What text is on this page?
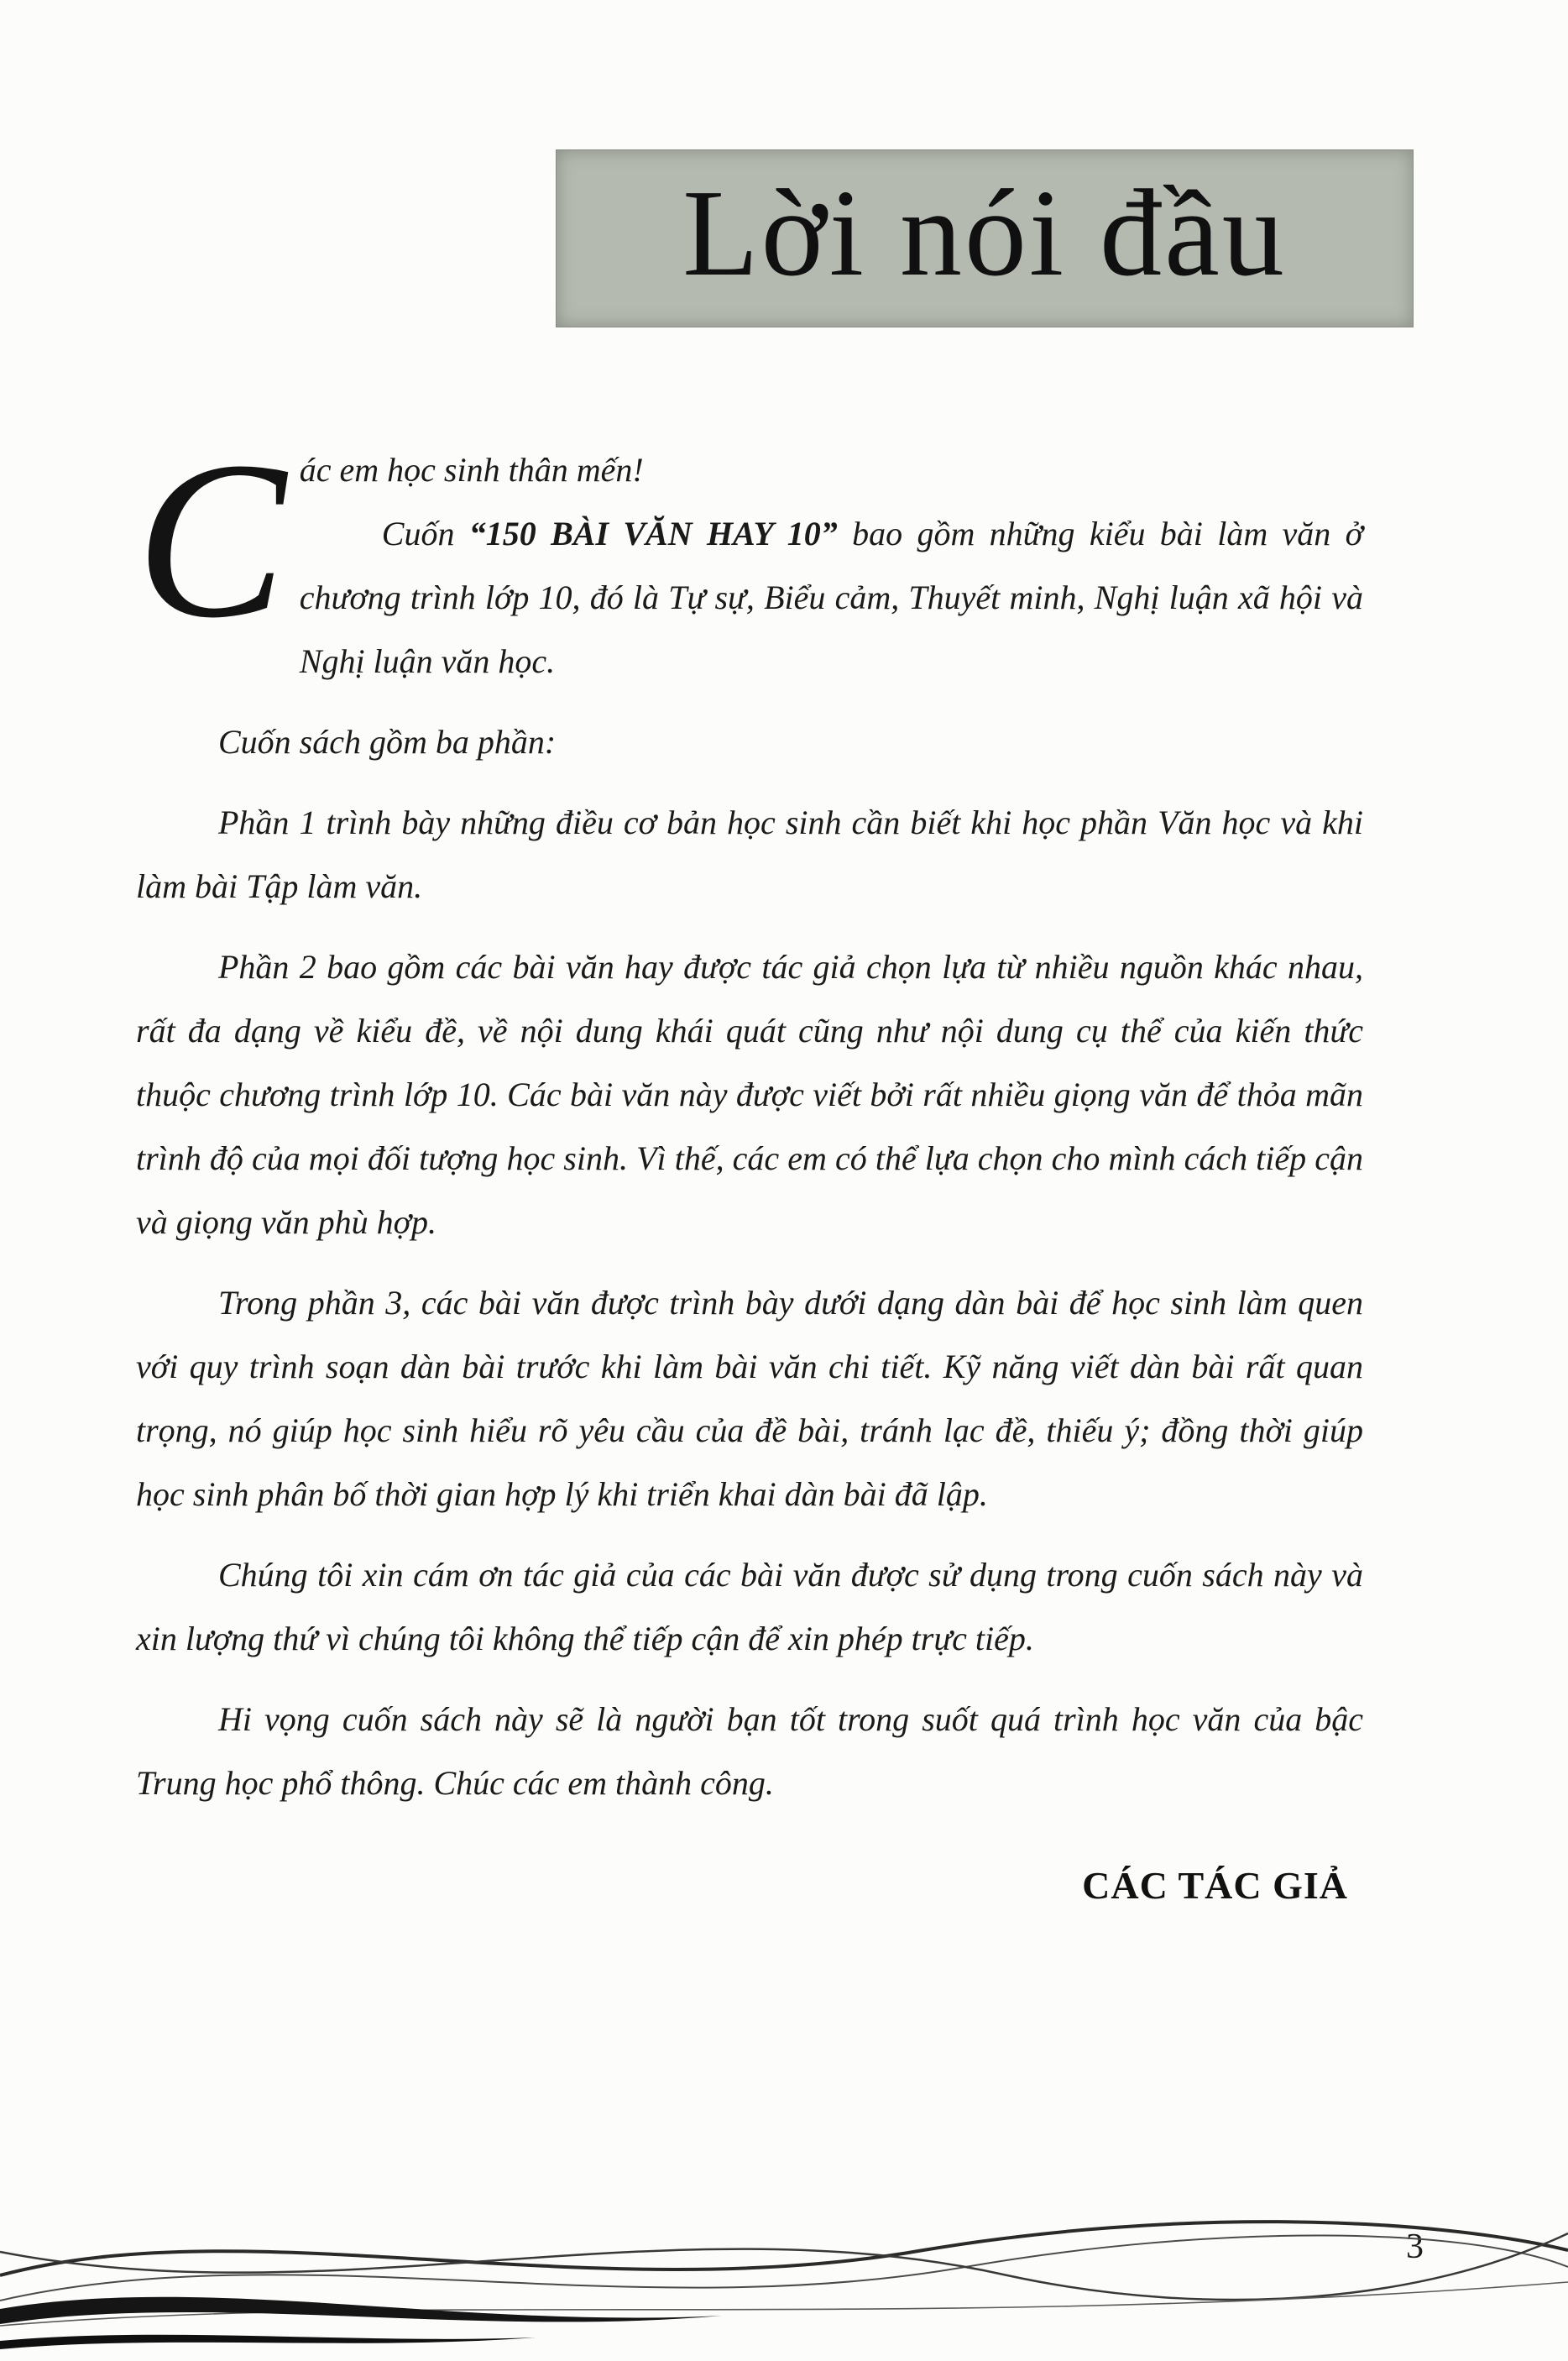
Lời nói đầu
C ác em học sinh thân mến!

Cuốn “150 BÀI VĂN HAY 10” bao gồm những kiểu bài làm văn ở chương trình lớp 10, đó là Tự sự, Biểu cảm, Thuyết minh, Nghị luận xã hội và Nghị luận văn học.

Cuốn sách gồm ba phần:

Phần 1 trình bày những điều cơ bản học sinh cần biết khi học phần Văn học và khi làm bài Tập làm văn.

Phần 2 bao gồm các bài văn hay được tác giả chọn lựa từ nhiều nguồn khác nhau, rất đa dạng về kiểu đề, về nội dung khái quát cũng như nội dung cụ thể của kiến thức thuộc chương trình lớp 10. Các bài văn này được viết bởi rất nhiều giọng văn để thỏa mãn trình độ của mọi đối tượng học sinh. Vì thế, các em có thể lựa chọn cho mình cách tiếp cận và giọng văn phù hợp.

Trong phần 3, các bài văn được trình bày dưới dạng dàn bài để học sinh làm quen với quy trình soạn dàn bài trước khi làm bài văn chi tiết. Kỹ năng viết dàn bài rất quan trọng, nó giúp học sinh hiểu rõ yêu cầu của đề bài, tránh lạc đề, thiếu ý; đồng thời giúp học sinh phân bố thời gian hợp lý khi triển khai dàn bài đã lập.

Chúng tôi xin cám ơn tác giả của các bài văn được sử dụng trong cuốn sách này và xin lượng thứ vì chúng tôi không thể tiếp cận để xin phép trực tiếp.

Hi vọng cuốn sách này sẽ là người bạn tốt trong suốt quá trình học văn của bậc Trung học phổ thông. Chúc các em thành công.

CÁC TÁC GIẢ
3
